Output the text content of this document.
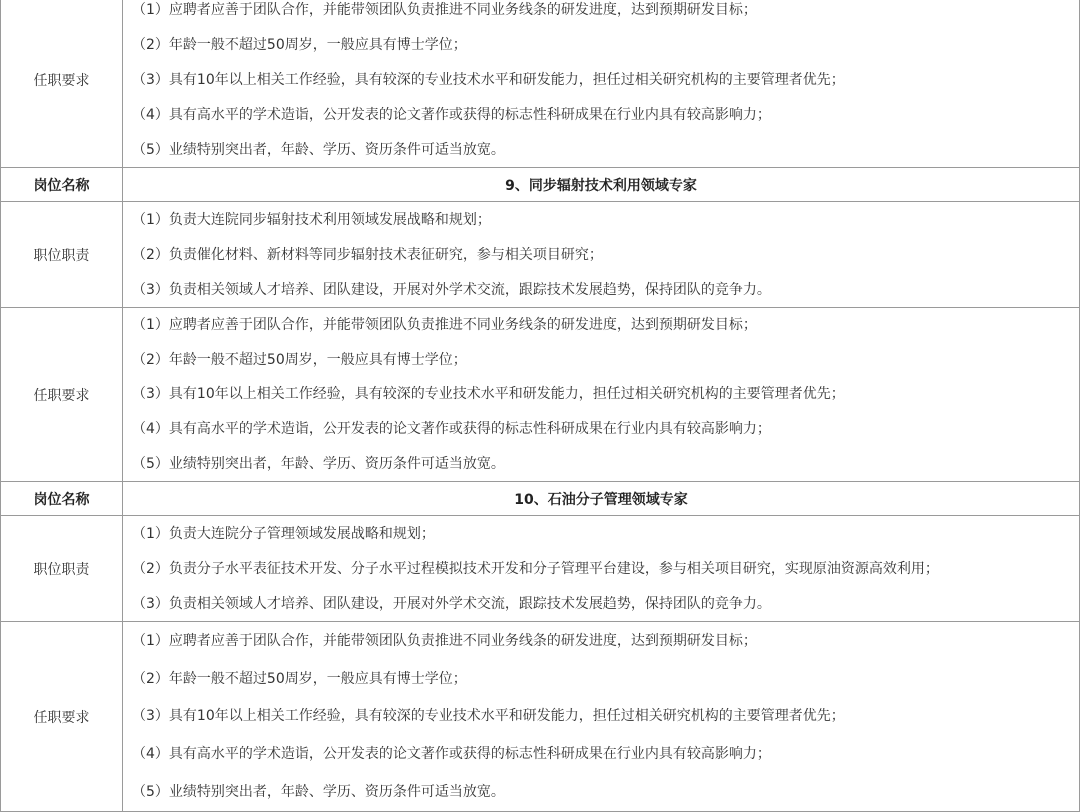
任职要求
（1）应聘者应善于团队合作，并能带领团队负责推进不同业务线条的研发进度，达到预期研发目标；
（2）年龄一般不超过50周岁，一般应具有博士学位；
（3）具有10年以上相关工作经验，具有较深的专业技术水平和研发能力，担任过相关研究机构的主要管理者优先；
（4）具有高水平的学术造诣，公开发表的论文著作或获得的标志性科研成果在行业内具有较高影响力；
（5）业绩特别突出者，年龄、学历、资历条件可适当放宽。
岗位名称	9、同步辐射技术利用领域专家
职位职责
（1）负责大连院同步辐射技术利用领域发展战略和规划；
（2）负责催化材料、新材料等同步辐射技术表征研究，参与相关项目研究；
（3）负责相关领域人才培养、团队建设，开展对外学术交流，跟踪技术发展趋势，保持团队的竞争力。
任职要求
（1）应聘者应善于团队合作，并能带领团队负责推进不同业务线条的研发进度，达到预期研发目标；
（2）年龄一般不超过50周岁，一般应具有博士学位；
（3）具有10年以上相关工作经验，具有较深的专业技术水平和研发能力，担任过相关研究机构的主要管理者优先；
（4）具有高水平的学术造诣，公开发表的论文著作或获得的标志性科研成果在行业内具有较高影响力；
（5）业绩特别突出者，年龄、学历、资历条件可适当放宽。
岗位名称	10、石油分子管理领域专家
职位职责
（1）负责大连院分子管理领域发展战略和规划；
（2）负责分子水平表征技术开发、分子水平过程模拟技术开发和分子管理平台建设，参与相关项目研究，实现原油资源高效利用；
（3）负责相关领域人才培养、团队建设，开展对外学术交流，跟踪技术发展趋势，保持团队的竞争力。
任职要求
（1）应聘者应善于团队合作，并能带领团队负责推进不同业务线条的研发进度，达到预期研发目标；
（2）年龄一般不超过50周岁，一般应具有博士学位；
（3）具有10年以上相关工作经验，具有较深的专业技术水平和研发能力，担任过相关研究机构的主要管理者优先；
（4）具有高水平的学术造诣，公开发表的论文著作或获得的标志性科研成果在行业内具有较高影响力；
（5）业绩特别突出者，年龄、学历、资历条件可适当放宽。
